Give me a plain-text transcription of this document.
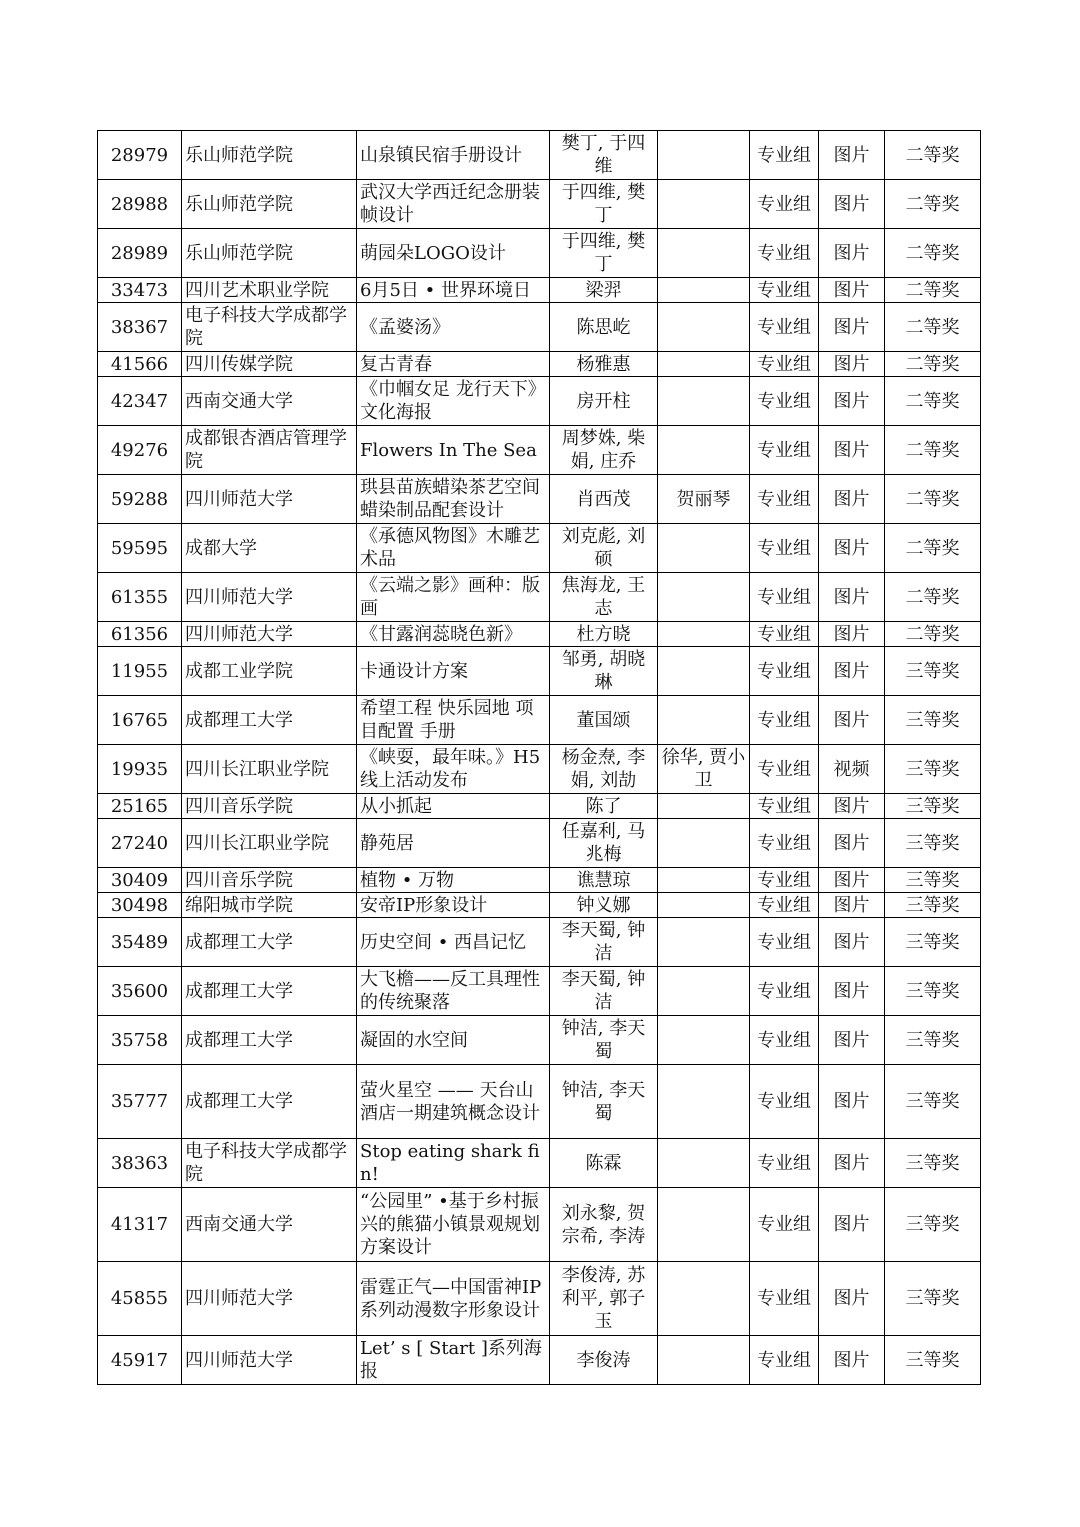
28979	乐山师范学院	山泉镇民宿手册设计	樊丁, 于四维		专业组	图片	二等奖
28988	乐山师范学院	武汉大学西迁纪念册装帧设计	于四维, 樊丁		专业组	图片	二等奖
28989	乐山师范学院	萌园朵LOGO设计	于四维, 樊丁		专业组	图片	二等奖
33473	四川艺术职业学院	6月5日 • 世界环境日	梁羿		专业组	图片	二等奖
38367	电子科技大学成都学院	《孟婆汤》	陈思屹		专业组	图片	二等奖
41566	四川传媒学院	复古青春	杨雅惠		专业组	图片	二等奖
42347	西南交通大学	《巾帼女足 龙行天下》文化海报	房开柱		专业组	图片	二等奖
49276	成都银杏酒店管理学院	Flowers In The Sea	周梦姝, 柴娟, 庄乔		专业组	图片	二等奖
59288	四川师范大学	珙县苗族蜡染茶艺空间蜡染制品配套设计	肖西茂	贺丽琴	专业组	图片	二等奖
59595	成都大学	《承德风物图》木雕艺术品	刘克彪, 刘硕		专业组	图片	二等奖
61355	四川师范大学	《云端之影》画种：版画	焦海龙, 王志		专业组	图片	二等奖
61356	四川师范大学	《甘露润蕊晓色新》	杜方晓		专业组	图片	二等奖
11955	成都工业学院	卡通设计方案	邹勇, 胡晓琳		专业组	图片	三等奖
16765	成都理工大学	希望工程 快乐园地 项目配置 手册	董国颂		专业组	图片	三等奖
19935	四川长江职业学院	《峡耍，最年味。》H5线上活动发布	杨金焘, 李娟, 刘劼	徐华, 贾小卫	专业组	视频	三等奖
25165	四川音乐学院	从小抓起	陈了		专业组	图片	三等奖
27240	四川长江职业学院	静苑居	任嘉利, 马兆梅		专业组	图片	三等奖
30409	四川音乐学院	植物 • 万物	谯慧琼		专业组	图片	三等奖
30498	绵阳城市学院	安帝IP形象设计	钟义娜		专业组	图片	三等奖
35489	成都理工大学	历史空间 • 西昌记忆	李天蜀, 钟洁		专业组	图片	三等奖
35600	成都理工大学	大飞檐——反工具理性的传统聚落	李天蜀, 钟洁		专业组	图片	三等奖
35758	成都理工大学	凝固的水空间	钟洁, 李天蜀		专业组	图片	三等奖
35777	成都理工大学	萤火星空 —— 天台山酒店一期建筑概念设计	钟洁, 李天蜀		专业组	图片	三等奖
38363	电子科技大学成都学院	Stop eating shark fin!	陈霖		专业组	图片	三等奖
41317	西南交通大学	“公园里” •基于乡村振兴的熊猫小镇景观规划方案设计	刘永黎, 贺宗希, 李涛		专业组	图片	三等奖
45855	四川师范大学	雷霆正气—中国雷神IP系列动漫数字形象设计	李俊涛, 苏利平, 郭子玉		专业组	图片	三等奖
45917	四川师范大学	Let’ s [ Start ]系列海报	李俊涛		专业组	图片	三等奖
